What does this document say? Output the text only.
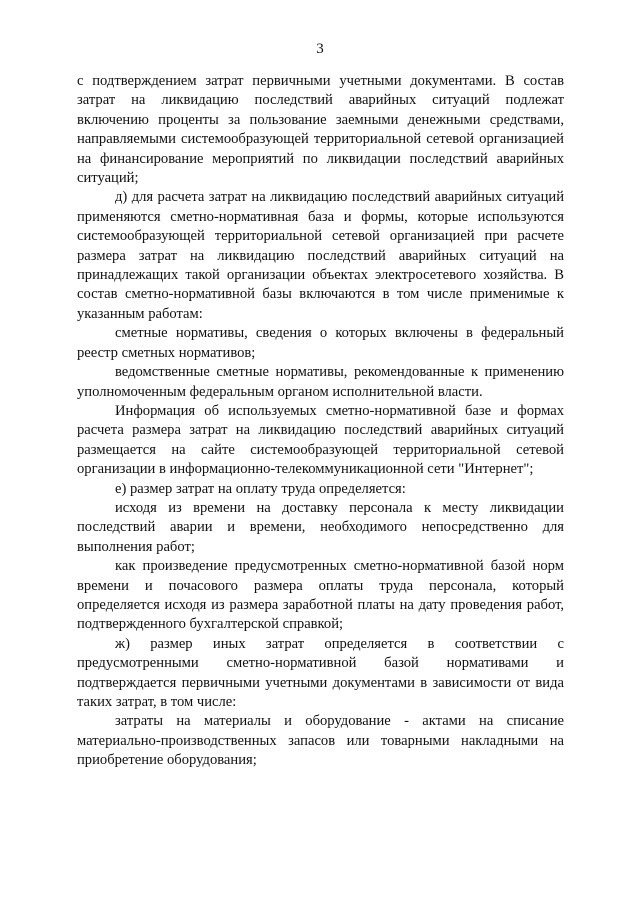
3

с подтверждением затрат первичными учетными документами. В состав затрат на ликвидацию последствий аварийных ситуаций подлежат включению проценты за пользование заемными денежными средствами, направляемыми системообразующей территориальной сетевой организацией на финансирование мероприятий по ликвидации последствий аварийных ситуаций;

д) для расчета затрат на ликвидацию последствий аварийных ситуаций применяются сметно-нормативная база и формы, которые используются системообразующей территориальной сетевой организацией при расчете размера затрат на ликвидацию последствий аварийных ситуаций на принадлежащих такой организации объектах электросетевого хозяйства. В состав сметно-нормативной базы включаются в том числе применимые к указанным работам:

сметные нормативы, сведения о которых включены в федеральный реестр сметных нормативов;

ведомственные сметные нормативы, рекомендованные к применению уполномоченным федеральным органом исполнительной власти.

Информация об используемых сметно-нормативной базе и формах расчета размера затрат на ликвидацию последствий аварийных ситуаций размещается на сайте системообразующей территориальной сетевой организации в информационно-телекоммуникационной сети "Интернет";

е) размер затрат на оплату труда определяется:

исходя из времени на доставку персонала к месту ликвидации последствий аварии и времени, необходимого непосредственно для выполнения работ;

как произведение предусмотренных сметно-нормативной базой норм времени и почасового размера оплаты труда персонала, который определяется исходя из размера заработной платы на дату проведения работ, подтвержденного бухгалтерской справкой;

ж) размер иных затрат определяется в соответствии с предусмотренными сметно-нормативной базой нормативами и подтверждается первичными учетными документами в зависимости от вида таких затрат, в том числе:

затраты на материалы и оборудование - актами на списание материально-производственных запасов или товарными накладными на приобретение оборудования;
